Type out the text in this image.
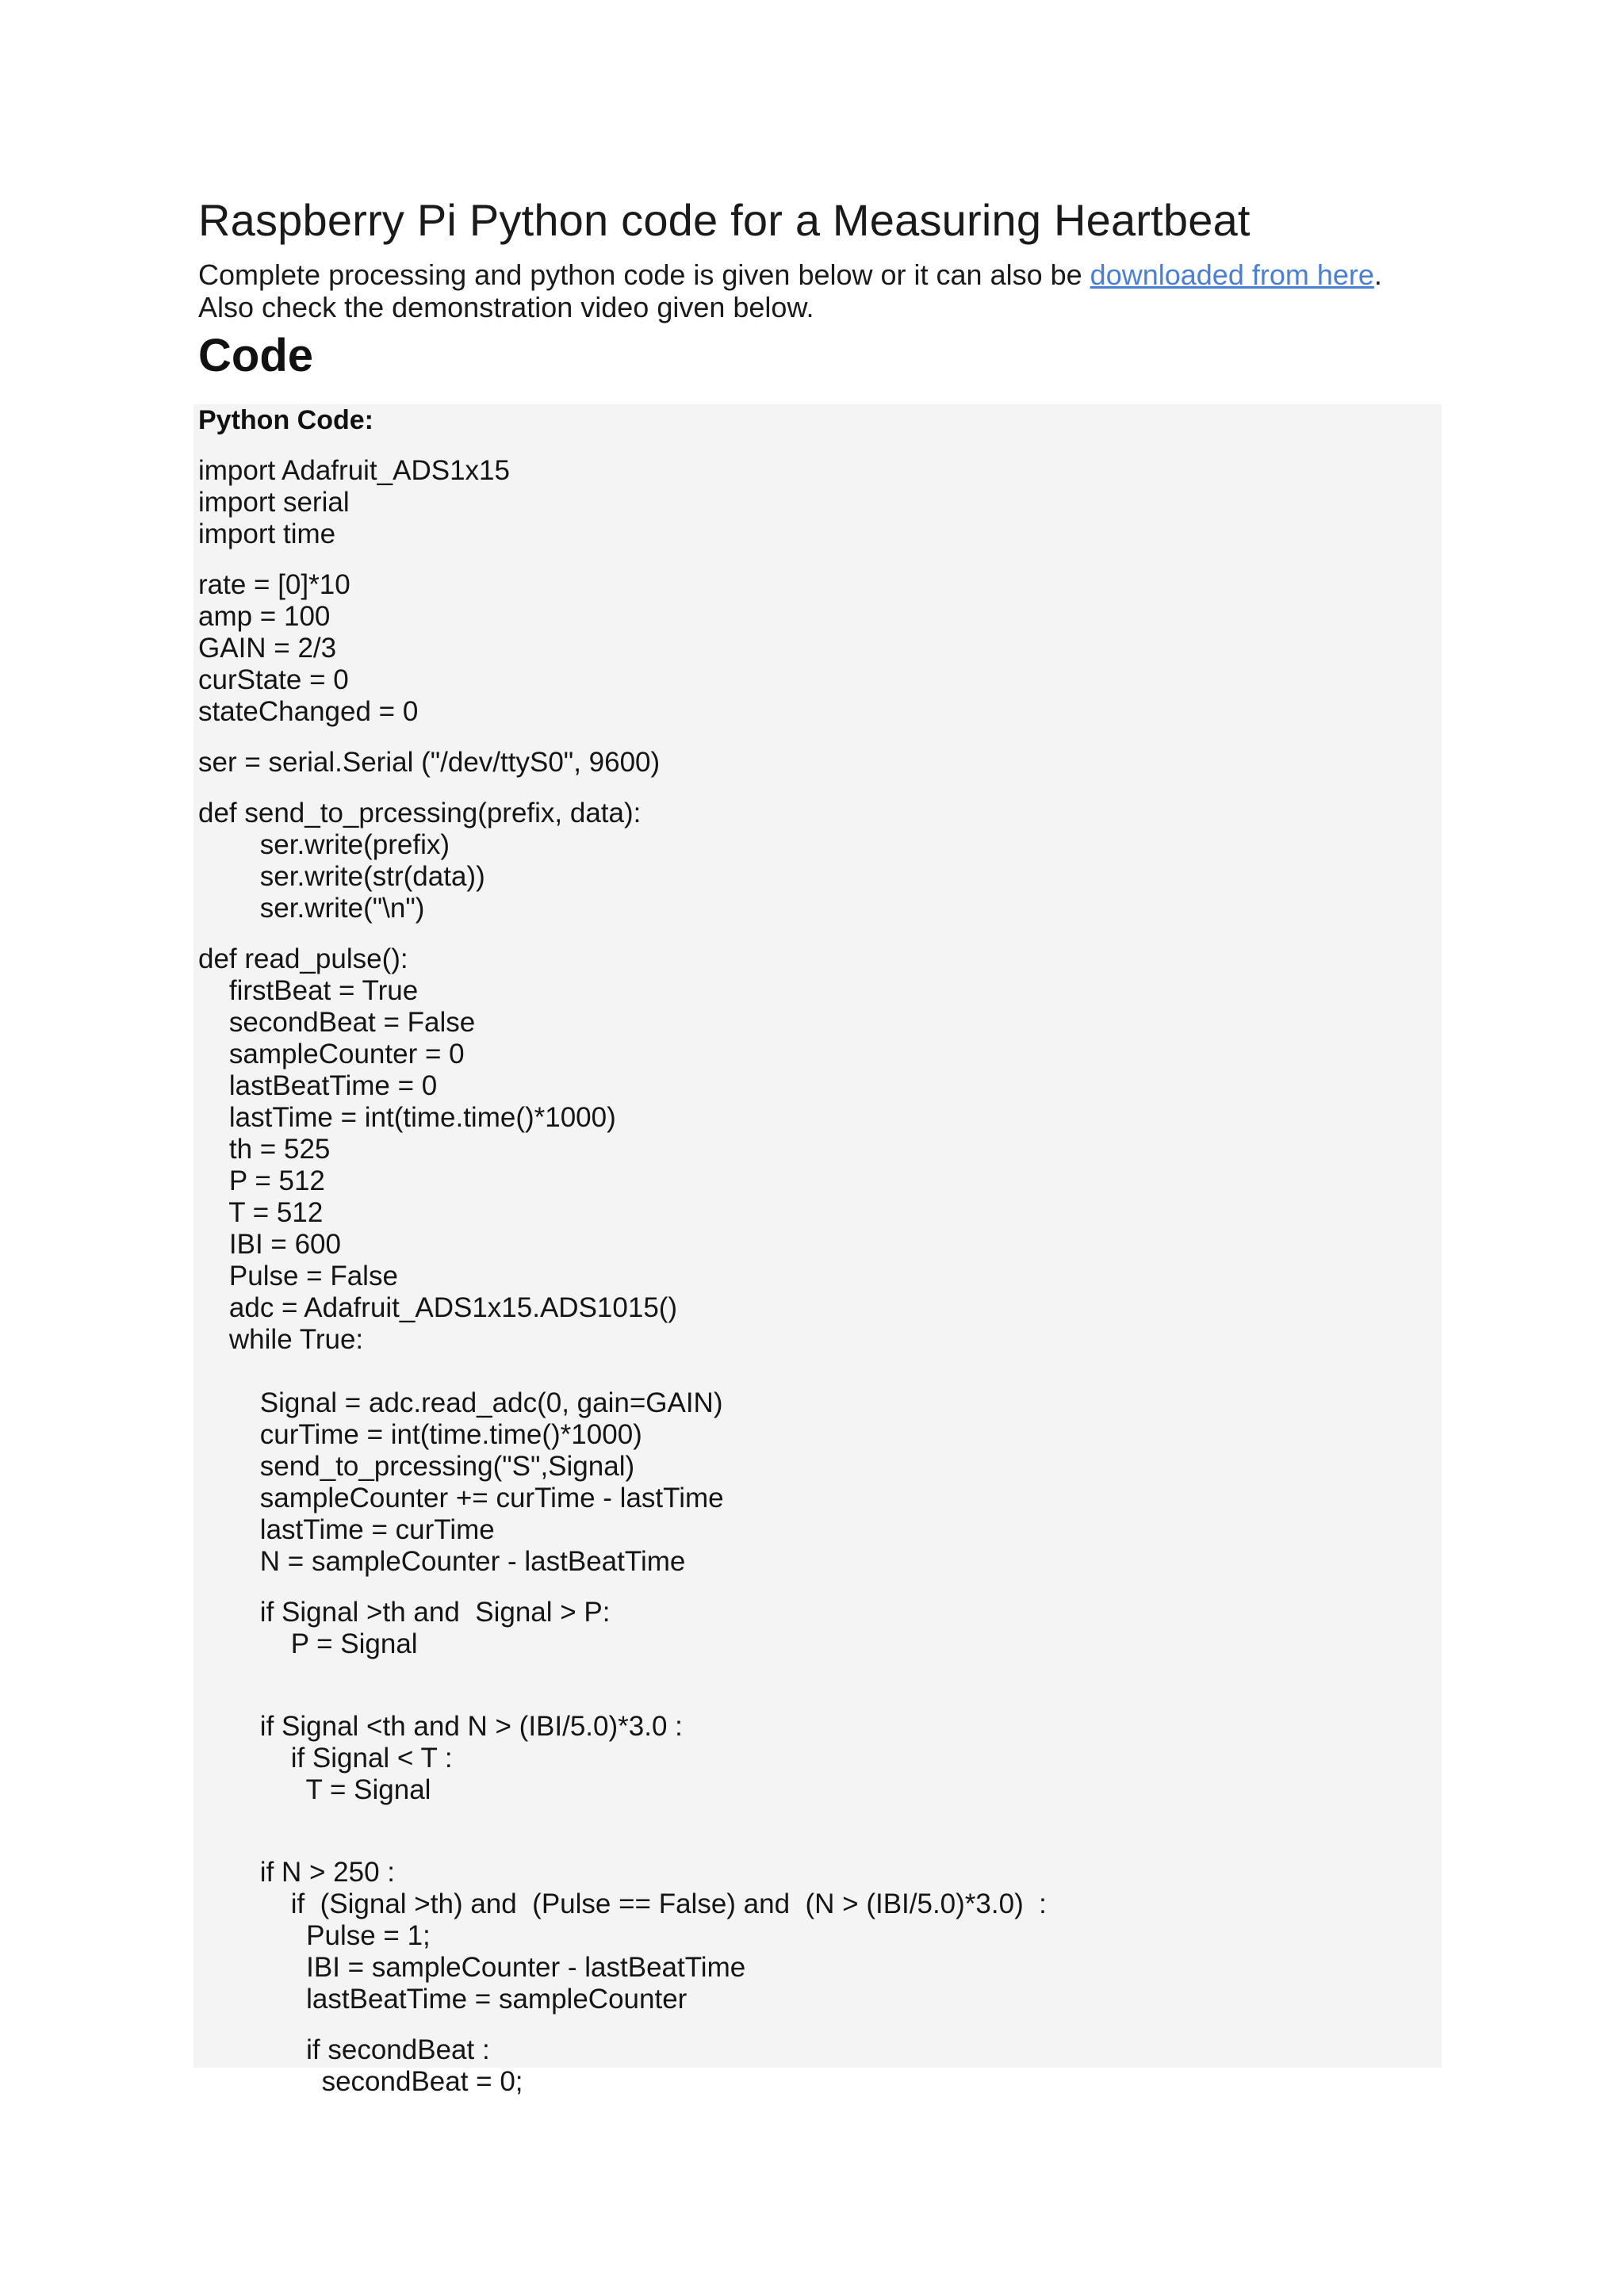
Raspberry Pi Python code for a Measuring Heartbeat
Complete processing and python code is given below or it can also be downloaded from here.
Also check the demonstration video given below.
Code
Python Code:
import Adafruit_ADS1x15
import serial
import time
rate = [0]*10
amp = 100
GAIN = 2/3
curState = 0
stateChanged = 0
ser = serial.Serial ("/dev/ttyS0", 9600)
def send_to_prcessing(prefix, data):
ser.write(prefix)
ser.write(str(data))
ser.write("\n")
def read_pulse():
firstBeat = True
secondBeat = False
sampleCounter = 0
lastBeatTime = 0
lastTime = int(time.time()*1000)
th = 525
P = 512
T = 512
IBI = 600
Pulse = False
adc = Adafruit_ADS1x15.ADS1015()
while True:
Signal = adc.read_adc(0, gain=GAIN)
curTime = int(time.time()*1000)
send_to_prcessing("S",Signal)
sampleCounter += curTime - lastTime
lastTime = curTime
N = sampleCounter - lastBeatTime
if Signal >th and  Signal > P:
P = Signal
if Signal <th and N > (IBI/5.0)*3.0 :
if Signal < T :
T = Signal
if N > 250 :
if  (Signal >th) and  (Pulse == False) and  (N > (IBI/5.0)*3.0)  :
Pulse = 1;
IBI = sampleCounter - lastBeatTime
lastBeatTime = sampleCounter
if secondBeat :
secondBeat = 0;
